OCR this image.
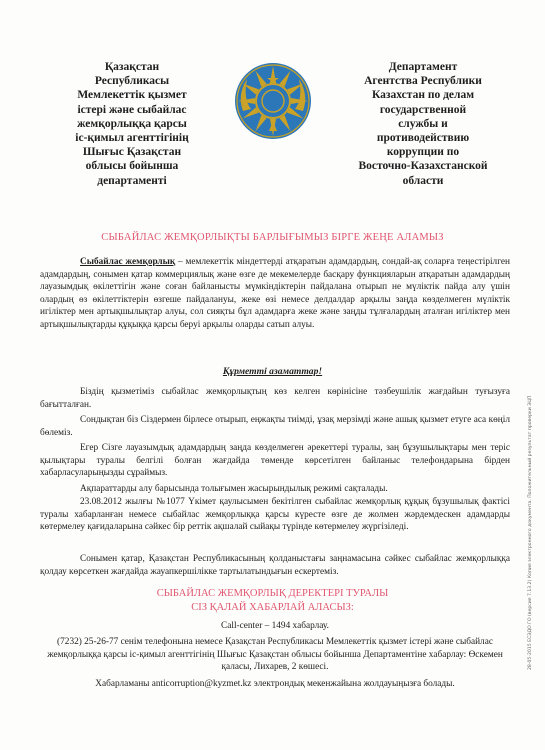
Қазақстан
Республикасы
Мемлекеттік қызмет
істері және сыбайлас
жемқорлыққа қарсы
іс-қимыл агенттігінің
Шығыс Қазақстан
облысы бойынша
департаменті
Департамент
Агентства Республики
Казахстан по делам
государственной
службы и
противодействию
коррупции по
Восточно-Казахстанской
области
СЫБАЙЛАС ЖЕМҚОРЛЫҚТЫ БАРЛЫҒЫМЫЗ БІРГЕ ЖЕҢЕ АЛАМЫЗ
Сыбайлас жемқорлық – мемлекеттік міндеттерді атқаратын адамдардың, сондай-ақ соларға теңестірілген адамдардың, сонымен қатар коммерциялық және өзге де мекемелерде басқару функцияларын атқаратын адамдардың лауазымдық өкілеттігін және соған байланысты мүмкіндіктерін пайдалана отырып не мүлiктiк пайда алу үшін олардың өз өкілеттіктерін өзгеше пайдалануы, жеке өзі немесе делдалдар арқылы заңда көзделмеген мүліктік игіліктер мен артықшылықтар алуы, сол сияқты бұл адамдарға жеке және заңды тұлғалардың аталған игіліктер мен артықшылықтарды құқыққа қарсы беруі арқылы оларды сатып алуы.
Құрметті азаматтар!
Біздің қызметіміз сыбайлас жемқорлықтың көз келген көрінісіне тәзбеушілік жағдайын туғызуға бағытталған.
Сондықтан біз Сіздермен бірлесе отырып, еңжақты тиімді, ұзақ мерзімді және ашық қызмет етуге аса көңіл бөлеміз.
Егер Сізге лауазымдық адамдардың заңда көзделмеген әрекеттері туралы, заң бұзушылықтары мен теріс қылықтары туралы белгілі болған жағдайда төменде көрсетілген байланыс телефондарына бірден хабарласуларыңызды сұраймыз.
Ақпараттарды алу барысында толығымен жасырындылық режимі сақталады.
23.08.2012 жылғы №1077 Үкімет қаулысымен бекітілген сыбайлас жемқорлық құқық бұзушылық фактісі туралы хабарланған немесе сыбайлас жемқорлыққа қарсы күресте өзге де жолмен жәрдемдескен адамдарды көтермелеу қағидаларына сәйкес бір реттік ақшалай сыйақы түрінде көтермелеу жүргізіледі.
Сонымен қатар, Қазақстан Республикасының қолданыстағы заңнамасына сәйкес сыбайлас жемқорлыққа қолдау көрсеткен жағдайда жауапкершілікке тартылатындығын ескертеміз.
СЫБАЙЛАС ЖЕМҚОРЛЫҚ ДЕРЕКТЕРІ ТУРАЛЫ
СІЗ ҚАЛАЙ ХАБАРЛАЙ АЛАСЫЗ:
Call-center – 1494 хабарлау.
(7232) 25-26-77 сенім телефонына немесе Қазақстан Республикасы Мемлекеттік қызмет істері және сыбайлас жемқорлыққа қарсы іс-қимыл агенттігінің Шығыс Қазақстан облысы бойынша Департаментіне хабарлау: Өскемен қаласы, Лихарев, 2 көшесі.
Хабарламаны anticorruption@kyzmet.kz электрондық мекенжайына жолдауыңызға болады.
28-05-2015 ЕСЭДО ГО (версия 7.13.2) Копия электронного документа. Положительный результат проверки ЭЦП
